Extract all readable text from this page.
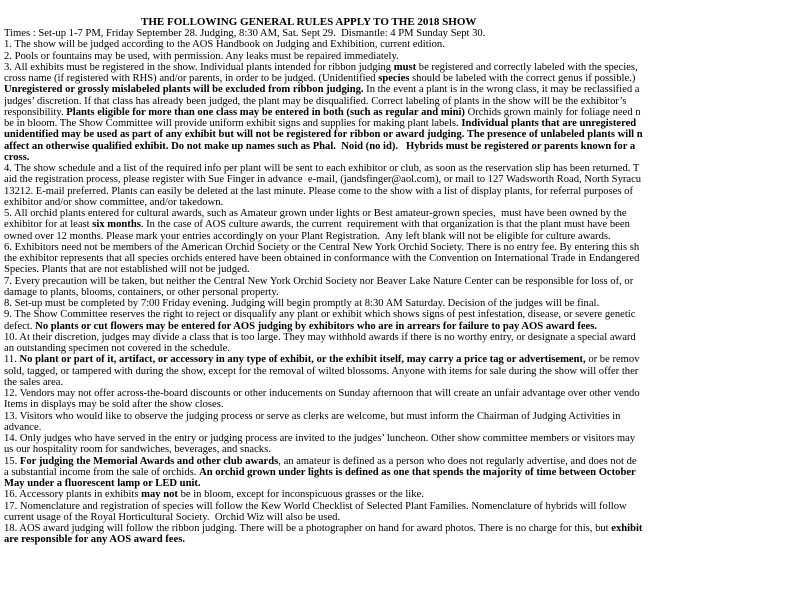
THE FOLLOWING GENERAL RULES APPLY TO THE 2018 SHOW
Times : Set-up 1-7 PM, Friday September 28. Judging, 8:30 AM, Sat. Sept 29.  Dismantle: 4 PM Sunday Sept 30.
1. The show will be judged according to the AOS Handbook on Judging and Exhibition, current edition.
2. Pools or fountains may be used, with permission. Any leaks must be repaired immediately.
3. All exhibits must be registered in the show. Individual plants intended for ribbon judging must be registered and correctly labeled with the species,
cross name (if registered with RHS) and/or parents, in order to be judged. (Unidentified species should be labeled with the correct genus if possible.)
Unregistered or grossly mislabeled plants will be excluded from ribbon judging. In the event a plant is in the wrong class, it may be reclassified a
judges’ discretion. If that class has already been judged, the plant may be disqualified. Correct labeling of plants in the show will be the exhibitor’s
responsibility. Plants eligible for more than one class may be entered in both (such as regular and mini) Orchids grown mainly for foliage need n
be in bloom. The Show Committee will provide uniform exhibit signs and supplies for making plant labels. Individual plants that are unregistered
unidentified may be used as part of any exhibit but will not be registered for ribbon or award judging. The presence of unlabeled plants will n
affect an otherwise qualified exhibit. Do not make up names such as Phal.  Noid (no id).   Hybrids must be registered or parents known for a
cross.
4. The show schedule and a list of the required info per plant will be sent to each exhibitor or club, as soon as the reservation slip has been returned. T
aid the registration process, please register with Sue Finger in advance  e-mail, (jandsfinger@aol.com), or mail to 127 Wadsworth Road, North Syracu
13212. E-mail preferred. Plants can easily be deleted at the last minute. Please come to the show with a list of display plants, for referral purposes of
exhibitor and/or show committee, and/or takedown.
5. All orchid plants entered for cultural awards, such as Amateur grown under lights or Best amateur-grown species,  must have been owned by the
exhibitor for at least six months. In the case of AOS culture awards, the current  requirement with that organization is that the plant must have been
owned over 12 months. Please mark your entries accordingly on your Plant Registration.  Any left blank will not be eligible for culture awards.
6. Exhibitors need not be members of the American Orchid Society or the Central New York Orchid Society. There is no entry fee. By entering this sh
the exhibitor represents that all species orchids entered have been obtained in conformance with the Convention on International Trade in Endangered
Species. Plants that are not established will not be judged.
7. Every precaution will be taken, but neither the Central New York Orchid Society nor Beaver Lake Nature Center can be responsible for loss of, or
damage to plants, blooms, containers, or other personal property.
8. Set-up must be completed by 7:00 Friday evening. Judging will begin promptly at 8:30 AM Saturday. Decision of the judges will be final.
9. The Show Committee reserves the right to reject or disqualify any plant or exhibit which shows signs of pest infestation, disease, or severe genetic
defect. No plants or cut flowers may be entered for AOS judging by exhibitors who are in arrears for failure to pay AOS award fees.
10. At their discretion, judges may divide a class that is too large. They may withhold awards if there is no worthy entry, or designate a special award
an outstanding specimen not covered in the schedule.
11. No plant or part of it, artifact, or accessory in any type of exhibit, or the exhibit itself, may carry a price tag or advertisement, or be remov
sold, tagged, or tampered with during the show, except for the removal of wilted blossoms. Anyone with items for sale during the show will offer ther
the sales area.
12. Vendors may not offer across-the-board discounts or other inducements on Sunday afternoon that will create an unfair advantage over other vendo
Items in displays may be sold after the show closes.
13. Visitors who would like to observe the judging process or serve as clerks are welcome, but must inform the Chairman of Judging Activities in
advance.
14. Only judges who have served in the entry or judging process are invited to the judges’ luncheon. Other show committee members or visitors may
us our hospitality room for sandwiches, beverages, and snacks.
15. For judging the Memorial Awards and other club awards, an amateur is defined as a person who does not regularly advertise, and does not de
a substantial income from the sale of orchids. An orchid grown under lights is defined as one that spends the majority of time between October
May under a fluorescent lamp or LED unit.
16. Accessory plants in exhibits may not be in bloom, except for inconspicuous grasses or the like.
17. Nomenclature and registration of species will follow the Kew World Checklist of Selected Plant Families. Nomenclature of hybrids will follow
current usage of the Royal Horticultural Society.  Orchid Wiz will also be used.
18. AOS award judging will follow the ribbon judging. There will be a photographer on hand for award photos. There is no charge for this, but exhibit
are responsible for any AOS award fees.
